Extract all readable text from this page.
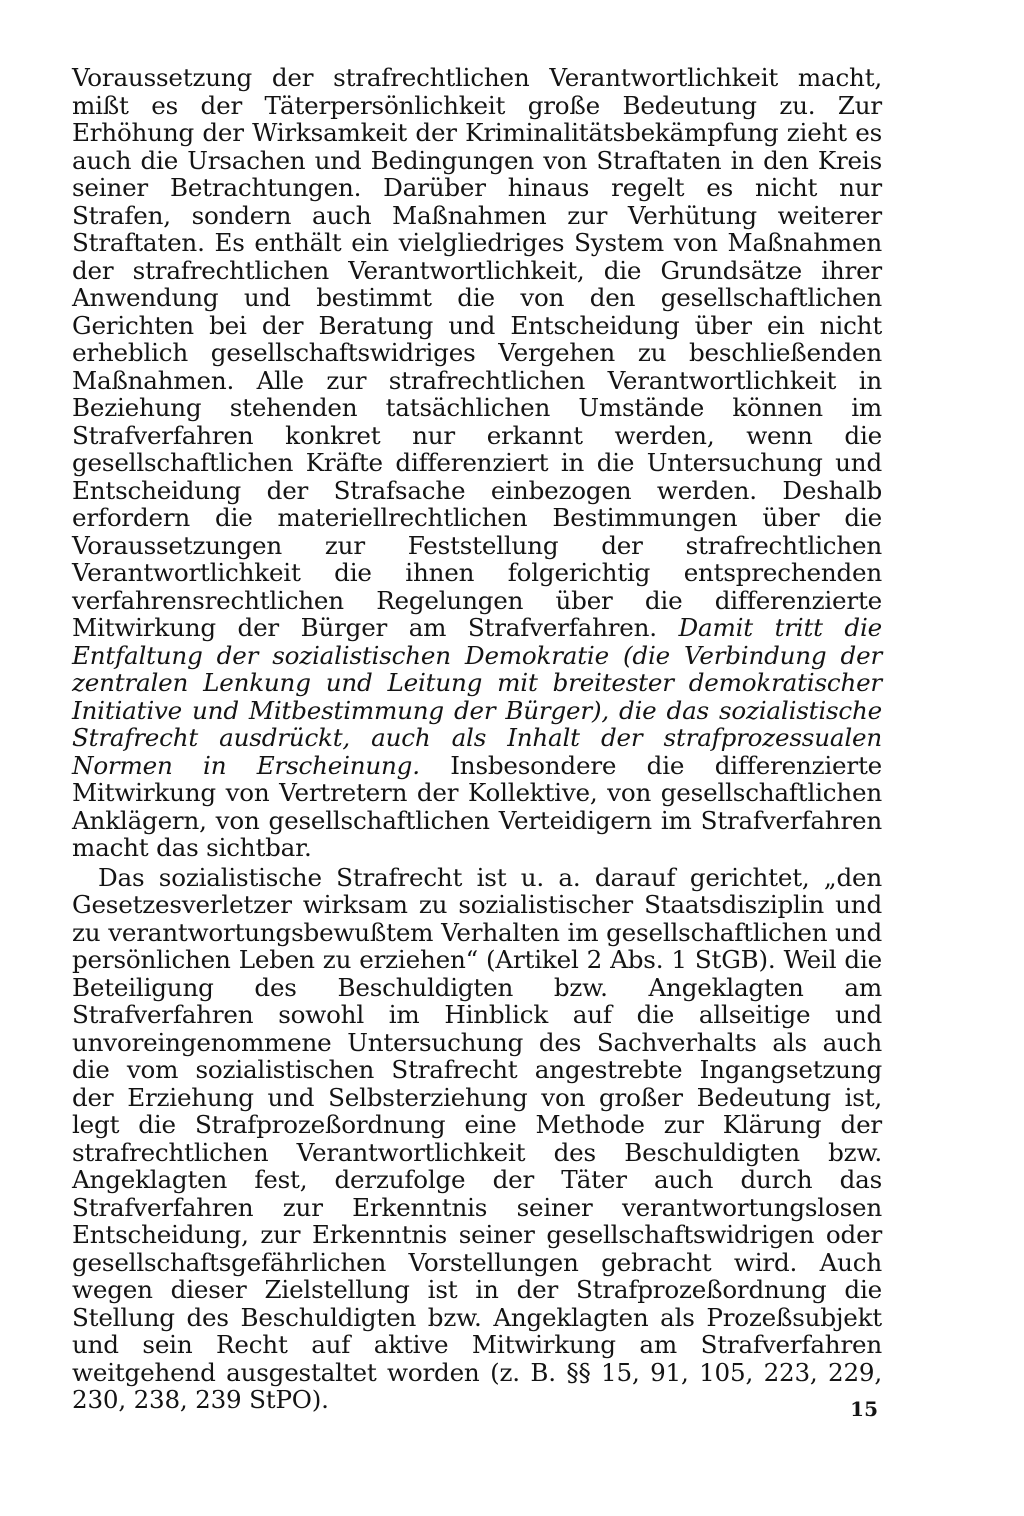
Voraussetzung der strafrechtlichen Verantwortlichkeit macht, mißt es der Täterpersönlichkeit große Bedeutung zu. Zur Erhöhung der Wirksamkeit der Kriminalitätsbekämpfung zieht es auch die Ursachen und Bedingungen von Straftaten in den Kreis seiner Betrachtungen. Darüber hinaus regelt es nicht nur Strafen, sondern auch Maßnahmen zur Verhütung weiterer Straftaten. Es enthält ein vielgliedriges System von Maßnahmen der strafrechtlichen Verantwortlichkeit, die Grundsätze ihrer Anwendung und bestimmt die von den gesellschaftlichen Gerichten bei der Beratung und Entscheidung über ein nicht erheblich gesellschaftswidriges Vergehen zu beschließenden Maßnahmen. Alle zur strafrechtlichen Verantwortlichkeit in Beziehung stehenden tatsächlichen Umstände können im Strafverfahren konkret nur erkannt werden, wenn die gesellschaftlichen Kräfte differenziert in die Untersuchung und Entscheidung der Strafsache einbezogen werden. Deshalb erfordern die materiellrechtlichen Bestimmungen über die Voraussetzungen zur Feststellung der strafrechtlichen Verantwortlichkeit die ihnen folgerichtig entsprechenden verfahrensrechtlichen Regelungen über die differenzierte Mitwirkung der Bürger am Strafverfahren. Damit tritt die Entfaltung der sozialistischen Demokratie (die Verbindung der zentralen Lenkung und Leitung mit breitester demokratischer Initiative und Mitbestimmung der Bürger), die das sozialistische Strafrecht ausdrückt, auch als Inhalt der strafprozessualen Normen in Erscheinung. Insbesondere die differenzierte Mitwirkung von Vertretern der Kollektive, von gesellschaftlichen Anklägern, von gesellschaftlichen Verteidigern im Strafverfahren macht das sichtbar.

Das sozialistische Strafrecht ist u. a. darauf gerichtet, „den Gesetzesverletzer wirksam zu sozialistischer Staatsdisziplin und zu verantwortungsbewußtem Verhalten im gesellschaftlichen und persönlichen Leben zu erziehen“ (Artikel 2 Abs. 1 StGB). Weil die Beteiligung des Beschuldigten bzw. Angeklagten am Strafverfahren sowohl im Hinblick auf die allseitige und unvoreingenommene Untersuchung des Sachverhalts als auch die vom sozialistischen Strafrecht angestrebte Ingangsetzung der Erziehung und Selbsterziehung von großer Bedeutung ist, legt die Strafprozeßordnung eine Methode zur Klärung der strafrechtlichen Verantwortlichkeit des Beschuldigten bzw. Angeklagten fest, derzufolge der Täter auch durch das Strafverfahren zur Erkenntnis seiner verantwortungslosen Entscheidung, zur Erkenntnis seiner gesellschaftswidrigen oder gesellschaftsgefährlichen Vorstellungen gebracht wird. Auch wegen dieser Zielstellung ist in der Strafprozeßordnung die Stellung des Beschuldigten bzw. Angeklagten als Prozeßsubjekt und sein Recht auf aktive Mitwirkung am Strafverfahren weitgehend ausgestaltet worden (z. B. §§ 15, 91, 105, 223, 229, 230, 238, 239 StPO).	15
